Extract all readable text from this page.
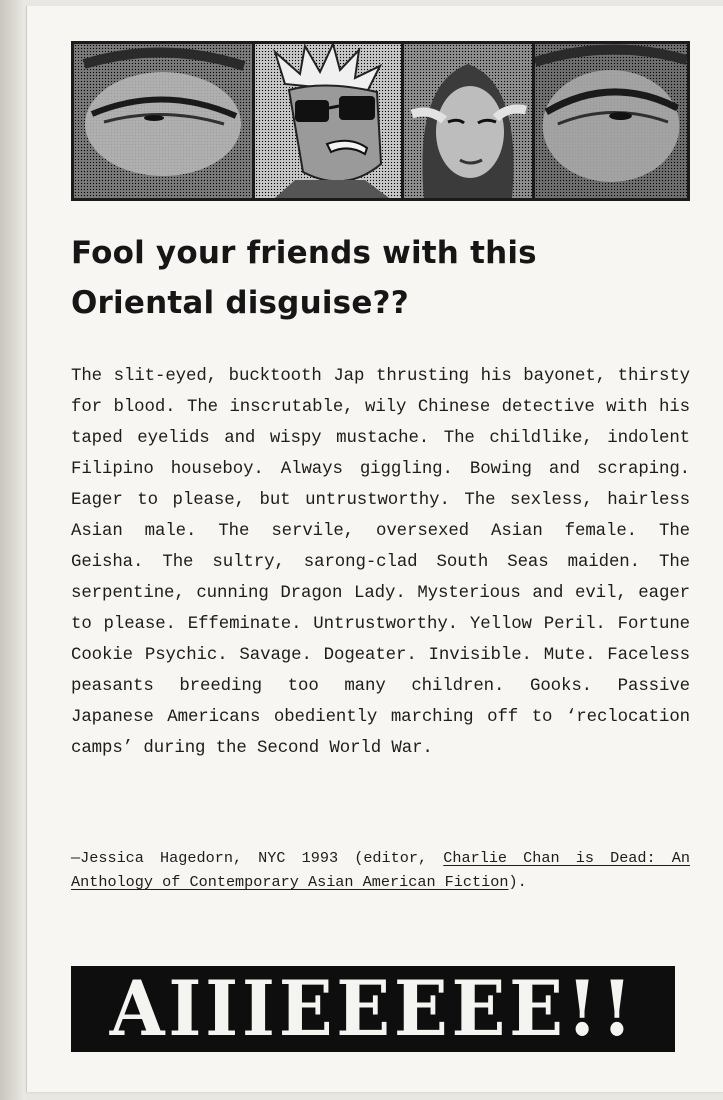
Fool your friends with this
Oriental disguise??

The slit-eyed, bucktooth Jap thrusting his bayonet, thirsty for blood. The inscrutable, wily Chinese detective with his taped eyelids and wispy mustache. The childlike, indolent Filipino houseboy. Always giggling. Bowing and scraping. Eager to please, but untrustworthy. The sexless, hairless Asian male. The servile, oversexed Asian female. The Geisha. The sultry, sarong-clad South Seas maiden. The serpentine, cunning Dragon Lady. Mysterious and evil, eager to please. Effeminate. Untrustworthy. Yellow Peril. Fortune Cookie Psychic. Savage. Dogeater. Invisible. Mute. Faceless peasants breeding too many children. Gooks. Passive Japanese Americans obediently marching off to ‘reclocation camps’ during the Second World War.

—Jessica Hagedorn, NYC 1993 (editor, Charlie Chan is Dead: An Anthology of Contemporary Asian American Fiction).

AIIIEEEEE!!
